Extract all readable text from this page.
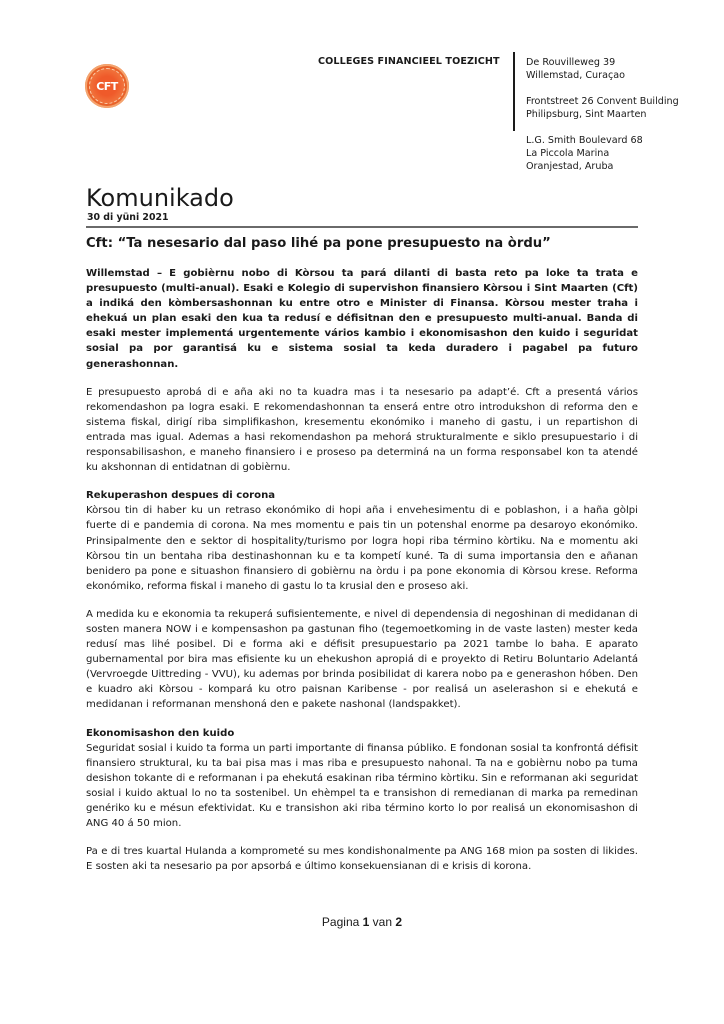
CFT
COLLEGES FINANCIEEL TOEZICHT	De Rouvilleweg 39
Willemstad, Curaçao
Frontstreet 26 Convent Building
Philipsburg, Sint Maarten
L.G. Smith Boulevard 68
La Piccola Marina
Oranjestad, Aruba
Komunikado
30 di yüni 2021
Cft: “Ta nesesario dal paso lihé pa pone presupuesto na òrdu”

Willemstad – E gobièrnu nobo di Kòrsou ta pará dilanti di basta reto pa loke ta trata e presupuesto (multi-anual). Esaki e Kolegio di supervishon finansiero Kòrsou i Sint Maarten (Cft) a indiká den kòmbersashonnan ku entre otro e Minister di Finansa. Kòrsou mester traha i ehekuá un plan esaki den kua ta redusí e défisitnan den e presupuesto multi-anual. Banda di esaki mester implementá urgentemente vários kambio i ekonomisashon den kuido i seguridat sosial pa por garantisá ku e sistema sosial ta keda duradero i pagabel pa futuro generashonnan.

E presupuesto aprobá di e aña aki no ta kuadra mas i ta nesesario pa adapt’é. Cft a presentá vários rekomendashon pa logra esaki. E rekomendashonnan ta enserá entre otro introdukshon di reforma den e sistema fiskal, dirigí riba simplifikashon, kresementu ekonómiko i maneho di gastu, i un repartishon di entrada mas igual. Ademas a hasi rekomendashon pa mehorá strukturalmente e siklo presupuestario i di responsabilisashon, e maneho finansiero i e proseso pa determiná na un forma responsabel kon ta atendé ku akshonnan di entidatnan di gobièrnu.

Rekuperashon despues di corona

Kòrsou tin di haber ku un retraso ekonómiko di hopi aña i envehesimentu di e poblashon, i a haña gòlpi fuerte di e pandemia di corona. Na mes momentu e pais tin un potenshal enorme pa desaroyo ekonómiko. Prinsipalmente den e sektor di hospitality/turismo por logra hopi riba término kòrtiku. Na e momentu aki Kòrsou tin un bentaha riba destinashonnan ku e ta kompetí kuné. Ta di suma importansia den e añanan benidero pa pone e situashon finansiero di gobièrnu na òrdu i pa pone ekonomia di Kòrsou krese. Reforma ekonómiko, reforma fiskal i maneho di gastu lo ta krusial den e proseso aki.

A medida ku e ekonomia ta rekuperá sufisientemente, e nivel di dependensia di negoshinan di medidanan di sosten manera NOW i e kompensashon pa gastunan fiho (tegemoetkoming in de vaste lasten) mester keda redusí mas lihé posibel. Di e forma aki e défisit presupuestario pa 2021 tambe lo baha. E aparato gubernamental por bira mas efisiente ku un ehekushon apropiá di e proyekto di Retiru Boluntario Adelantá (Vervroegde Uittreding - VVU), ku ademas por brinda posibilidat di karera nobo pa e generashon hóben. Den e kuadro aki Kòrsou - kompará ku otro paisnan Karibense - por realisá un aselerashon si e ehekutá e medidanan i reformanan menshoná den e pakete nashonal (landspakket).

Ekonomisashon den kuido

Seguridat sosial i kuido ta forma un parti importante di finansa públiko. E fondonan sosial ta konfrontá défisit finansiero struktural, ku ta bai pisa mas i mas riba e presupuesto nahonal. Ta na e gobièrnu nobo pa tuma desishon tokante di e reformanan i pa ehekutá esakinan riba término kòrtiku. Sin e reformanan aki seguridat sosial i kuido aktual lo no ta sostenibel. Un ehèmpel ta e transishon di remedianan di marka pa remedinan genériko ku e mésun efektividat. Ku e transishon aki riba término korto lo por realisá un ekonomisashon di ANG 40 á 50 mion.

Pa e di tres kuartal Hulanda a komprometé su mes kondishonalmente pa ANG 168 mion pa sosten di likides. E sosten aki ta nesesario pa por apsorbá e último konsekuensianan di e krisis di korona.

Pagina 1 van 2
